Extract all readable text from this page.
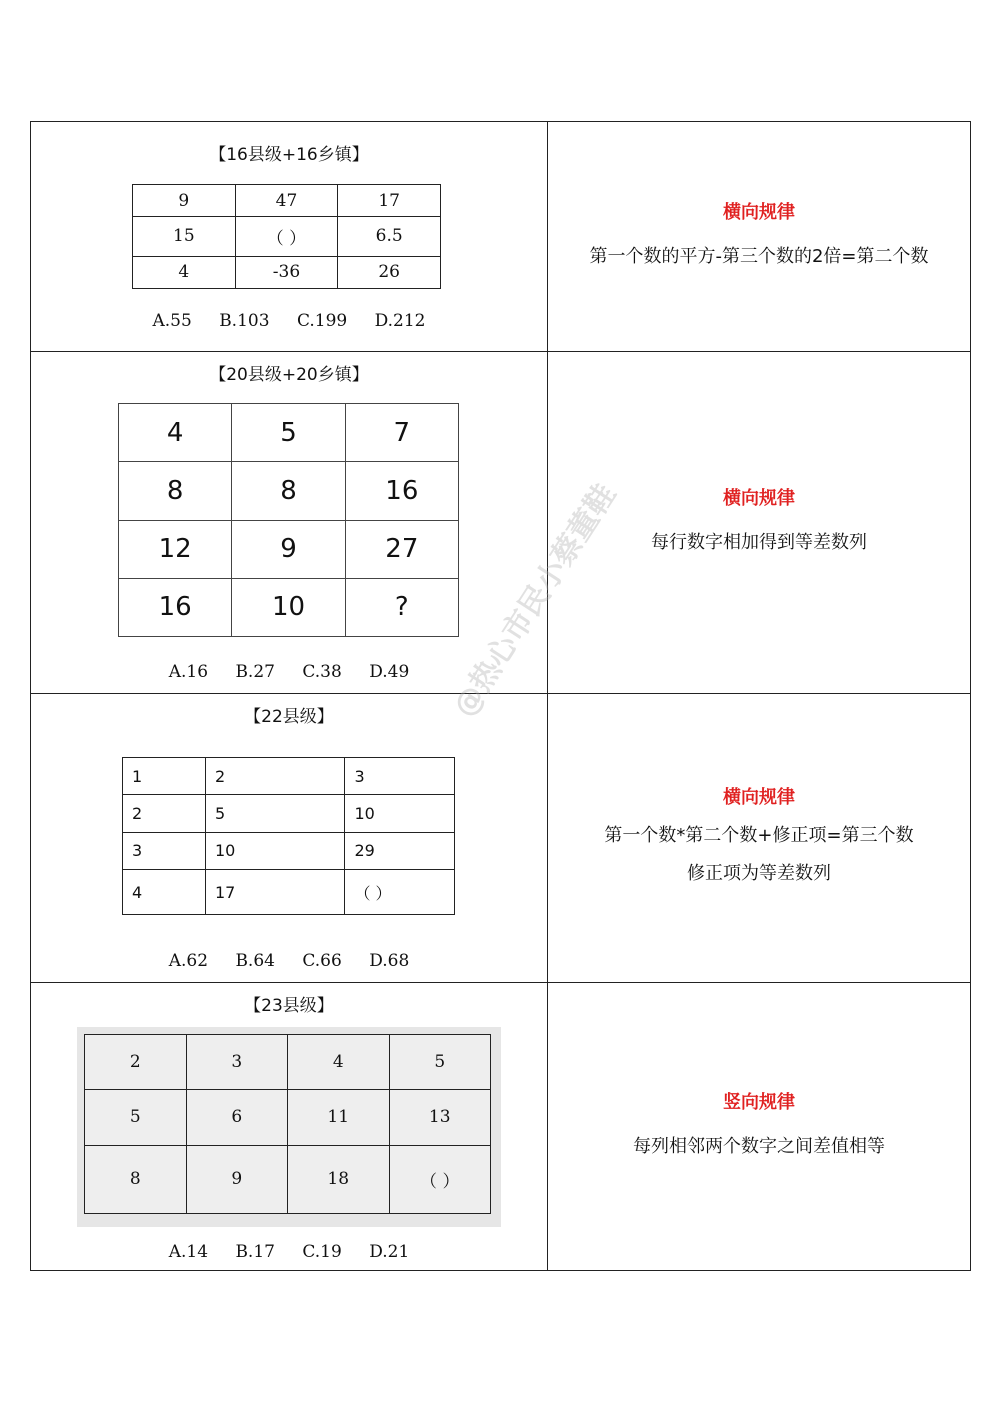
【16县级+16乡镇】
9	47	17
15	（ ）	6.5
4	-36	26
A.55 B.103 C.199 D.212
横向规律
第一个数的平方-第三个数的2倍=第二个数
【20县级+20乡镇】
4	5	7
8	8	16
12	9	27
16	10	?
A.16 B.27 C.38 D.49
横向规律
每行数字相加得到等差数列
【22县级】
1	2	3
2	5	10
3	10	29
4	17	（ ）
A.62 B.64 C.66 D.68
横向规律
第一个数*第二个数+修正项=第三个数
修正项为等差数列
【23县级】
2	3	4	5
5	6	11	13
8	9	18	（ ）
A.14 B.17 C.19 D.21
竖向规律
每列相邻两个数字之间差值相等
@热心市民小蔡董鞋
